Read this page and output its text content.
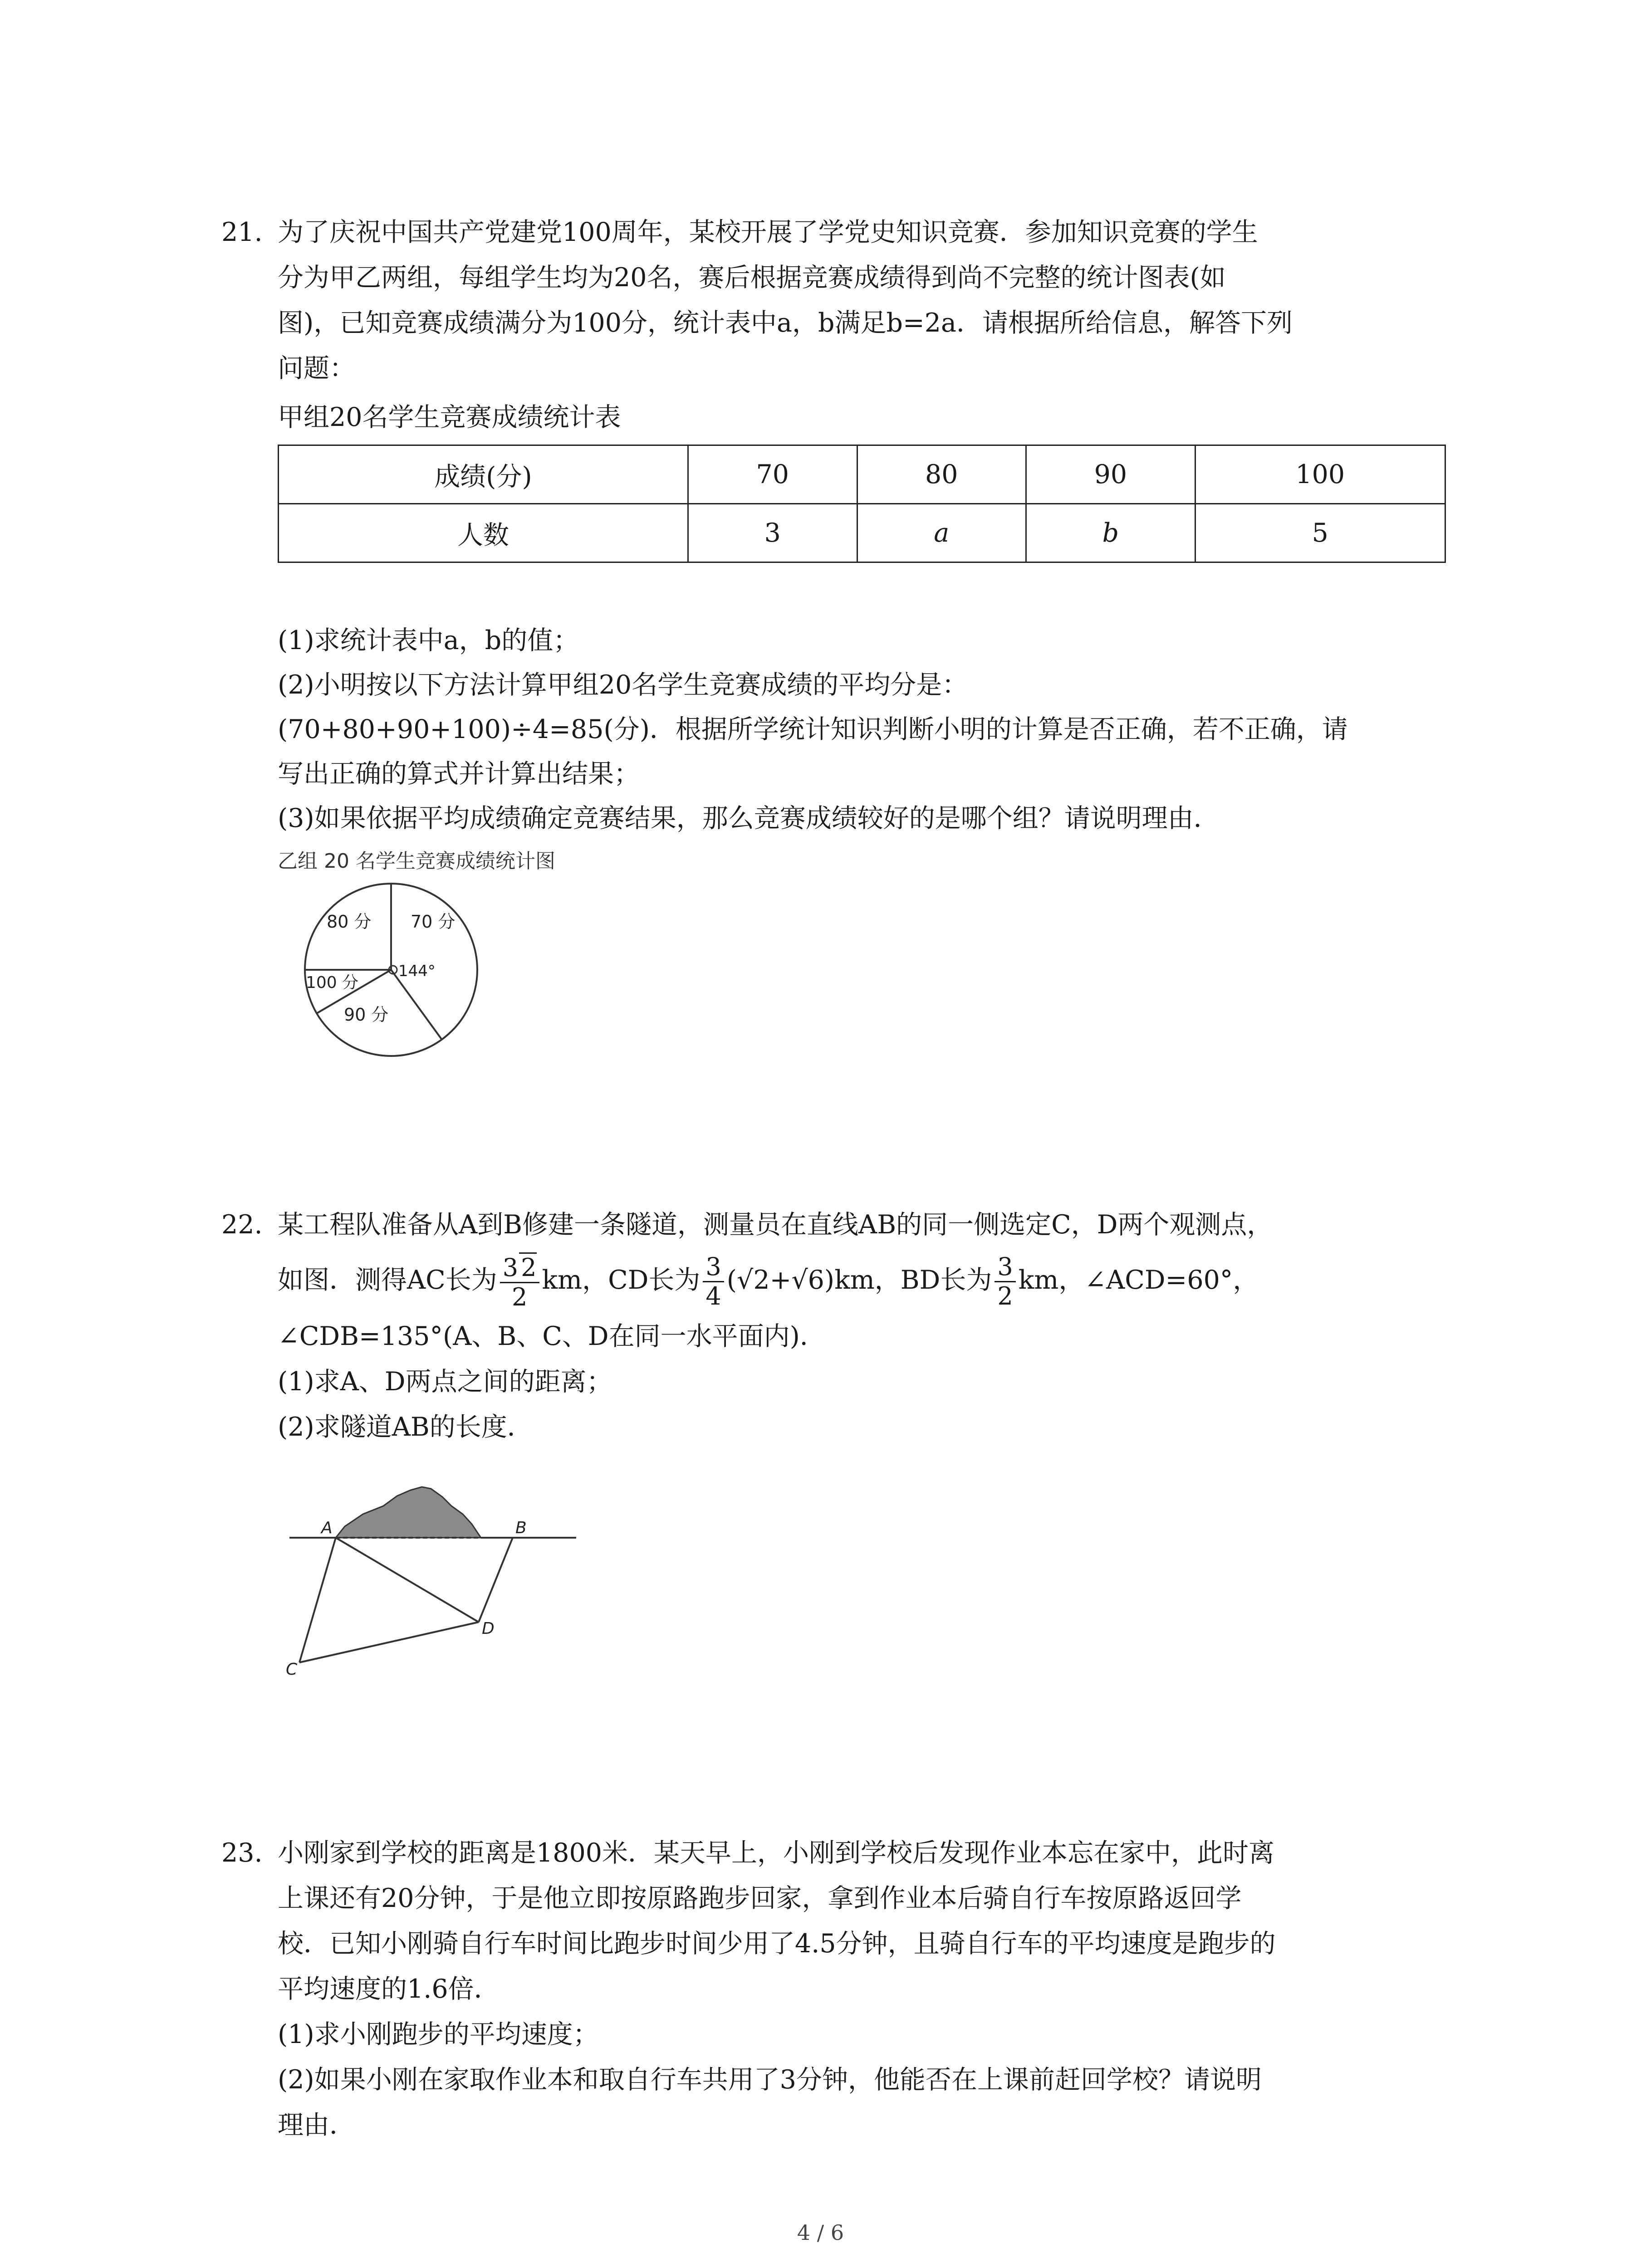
21. 为了庆祝中国共产党建党100周年，某校开展了学党史知识竞赛．参加知识竞赛的学生
分为甲乙两组，每组学生均为20名，赛后根据竞赛成绩得到尚不完整的统计图表(如
图)，已知竞赛成绩满分为100分，统计表中a，b满足b=2a．请根据所给信息，解答下列
问题：
甲组20名学生竞赛成绩统计表
成绩(分)	70	80	90	100
人数	3	a	b	5
(1)求统计表中a，b的值；
(2)小明按以下方法计算甲组20名学生竞赛成绩的平均分是：
(70+80+90+100)÷4=85(分)．根据所学统计知识判断小明的计算是否正确，若不正确，请
写出正确的算式并计算出结果；
(3)如果依据平均成绩确定竞赛结果，那么竞赛成绩较好的是哪个组？请说明理由．
乙组 20 名学生竞赛成绩统计图
80 分 70 分
100 分
90 分
144°
22. 某工程队准备从A到B修建一条隧道，测量员在直线AB的同一侧选定C，D两个观测点，
如图．测得AC长为 $\frac{3 2}{2}$ km，CD长为 $\frac{3}{4} (√2+√6)km$，BD长为 $\frac{3}{2}$ km，∠ACD=60°，
∠CDB=135°(A、B、C、D在同一水平面内)．
(1)求A、D两点之间的距离；
(2)求隧道AB的长度．
A	B
C
D
23. 小刚家到学校的距离是1800米．某天早上，小刚到学校后发现作业本忘在家中，此时离
上课还有20分钟，于是他立即按原路跑步回家，拿到作业本后骑自行车按原路返回学
校．已知小刚骑自行车时间比跑步时间少用了4.5分钟，且骑自行车的平均速度是跑步的
平均速度的1.6倍．
(1)求小刚跑步的平均速度；
(2)如果小刚在家取作业本和取自行车共用了3分钟，他能否在上课前赶回学校？请说明
理由．
4 / 6
